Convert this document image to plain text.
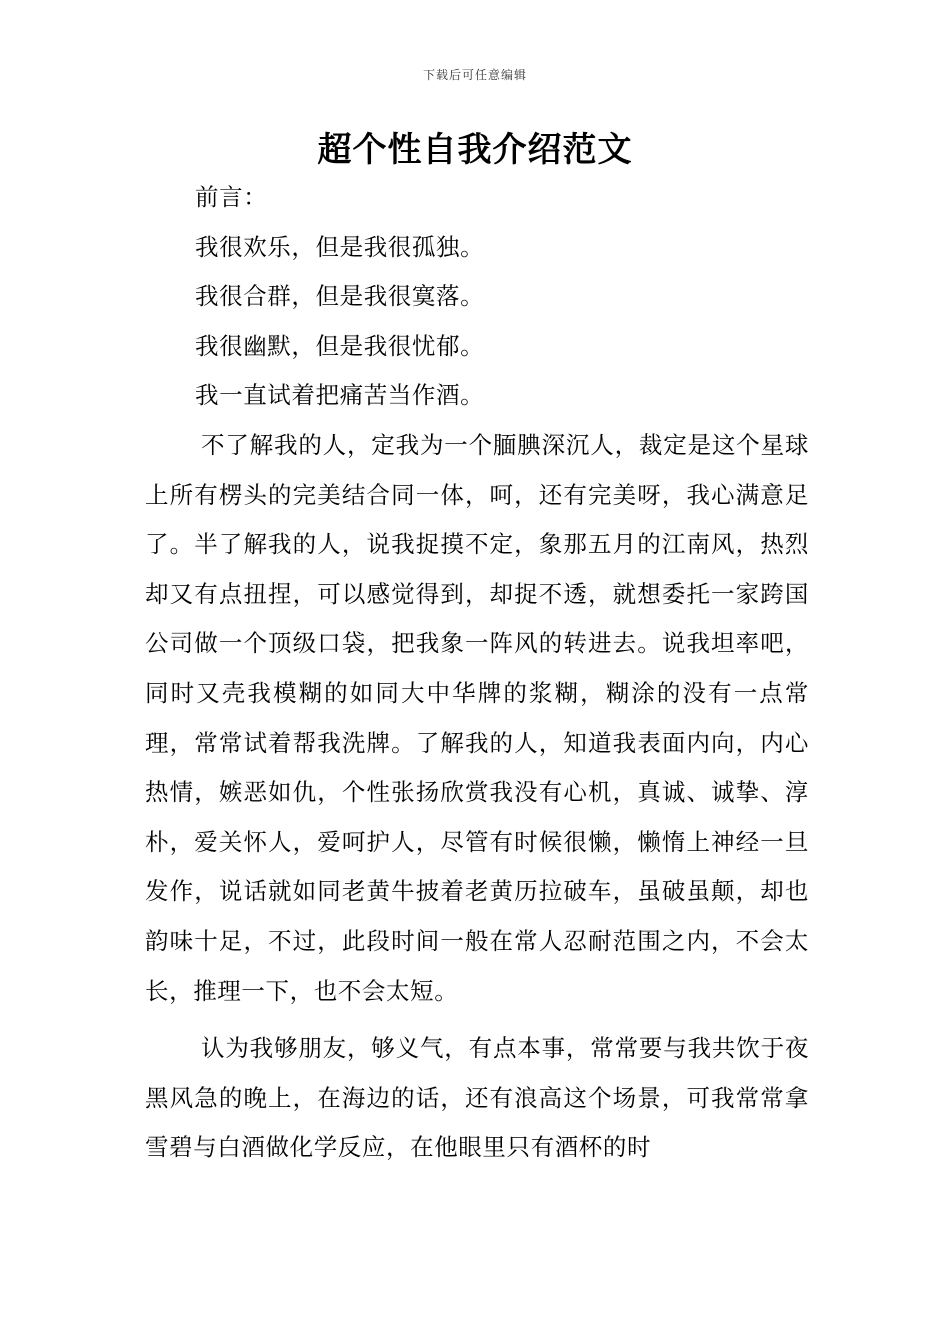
下载后可任意编辑
超个性自我介绍范文

前言：

我很欢乐，但是我很孤独。

我很合群，但是我很寞落。

我很幽默，但是我很忧郁。

我一直试着把痛苦当作酒。

不了解我的人，定我为一个腼腆深沉人，裁定是这个星球上所有楞头的完美结合同一体，呵，还有完美呀，我心满意足了。半了解我的人，说我捉摸不定，象那五月的江南风，热烈却又有点扭捏，可以感觉得到，却捉不透，就想委托一家跨国公司做一个顶级口袋，把我象一阵风的转进去。说我坦率吧，同时又壳我模糊的如同大中华牌的浆糊，糊涂的没有一点常理，常常试着帮我洗牌。了解我的人，知道我表面内向，内心热情，嫉恶如仇，个性张扬欣赏我没有心机，真诚、诚挚、淳朴，爱关怀人，爱呵护人，尽管有时候很懒，懒惰上神经一旦发作，说话就如同老黄牛披着老黄历拉破车，虽破虽颠，却也韵味十足，不过，此段时间一般在常人忍耐范围之内，不会太长，推理一下，也不会太短。

认为我够朋友，够义气，有点本事，常常要与我共饮于夜黑风急的晚上，在海边的话，还有浪高这个场景，可我常常拿雪碧与白酒做化学反应，在他眼里只有酒杯的时
